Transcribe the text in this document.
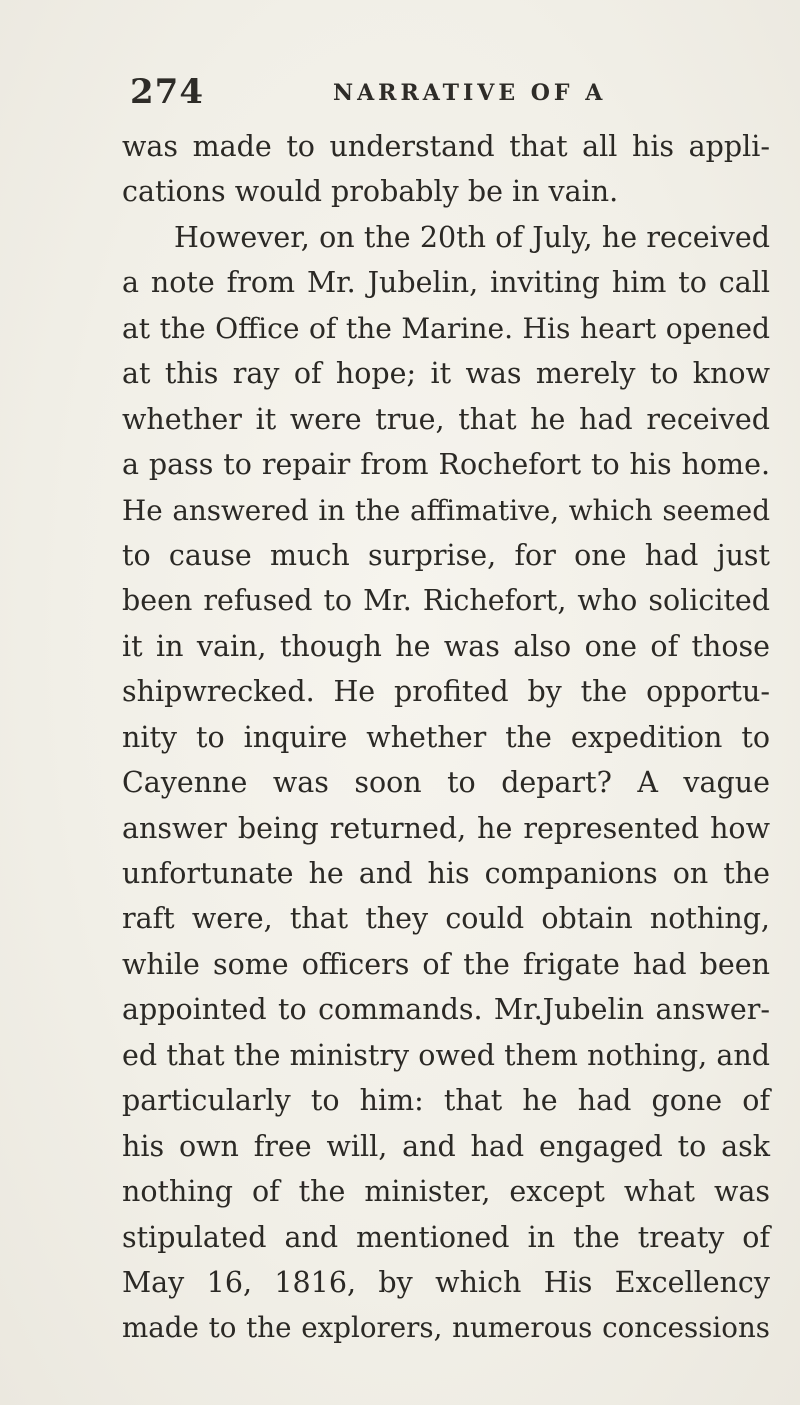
274	NARRATIVE OF A
was made to understand that all his appli-
cations would probably be in vain.
However, on the 20th of July, he received
a note from Mr. Jubelin, inviting him to call
at the Office of the Marine. His heart opened
at this ray of hope; it was merely to know
whether it were true, that he had received
a pass to repair from Rochefort to his home.
He answered in the affimative, which seemed
to cause much surprise, for one had just
been refused to Mr. Richefort, who solicited
it in vain, though he was also one of those
shipwrecked. He profited by the opportu-
nity to inquire whether the expedition to
Cayenne was soon to depart? A vague
answer being returned, he represented how
unfortunate he and his companions on the
raft were, that they could obtain nothing,
while some officers of the frigate had been
appointed to commands. Mr.Jubelin answer-
ed that the ministry owed them nothing, and
particularly to him: that he had gone of
his own free will, and had engaged to ask
nothing of the minister, except what was
stipulated and mentioned in the treaty of
May 16, 1816, by which His Excellency
made to the explorers, numerous concessions
